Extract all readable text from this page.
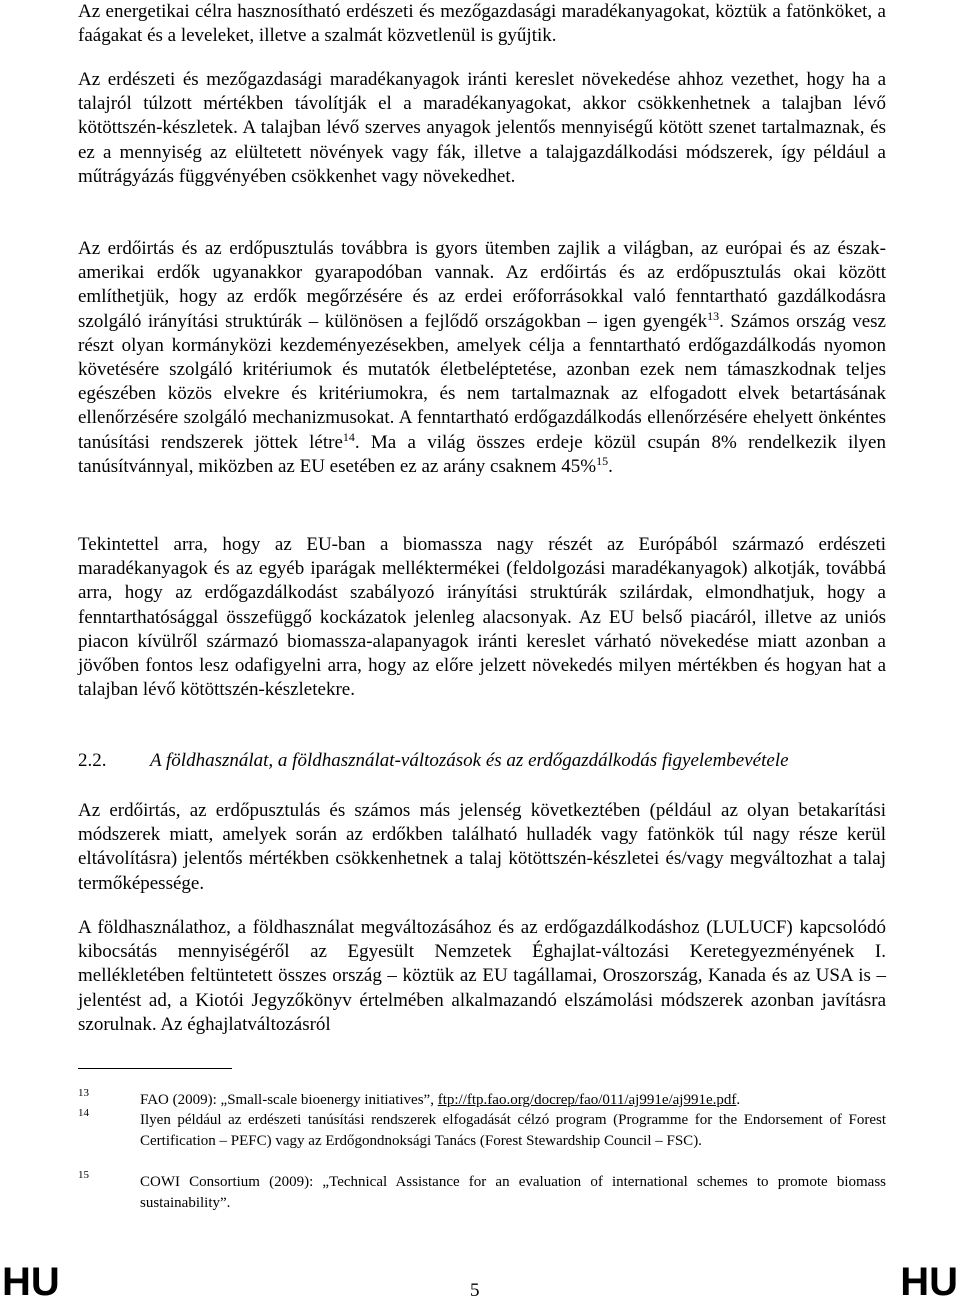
Az energetikai célra hasznosítható erdészeti és mezőgazdasági maradékanyagokat, köztük a fatönköket, a faágakat és a leveleket, illetve a szalmát közvetlenül is gyűjtik.

Az erdészeti és mezőgazdasági maradékanyagok iránti kereslet növekedése ahhoz vezethet, hogy ha a talajról túlzott mértékben távolítják el a maradékanyagokat, akkor csökkenhetnek a talajban lévő kötöttszén-készletek. A talajban lévő szerves anyagok jelentős mennyiségű kötött szenet tartalmaznak, és ez a mennyiség az elültetett növények vagy fák, illetve a talajgazdálkodási módszerek, így például a műtrágyázás függvényében csökkenhet vagy növekedhet.

Az erdőirtás és az erdőpusztulás továbbra is gyors ütemben zajlik a világban, az európai és az észak-amerikai erdők ugyanakkor gyarapodóban vannak. Az erdőirtás és az erdőpusztulás okai között említhetjük, hogy az erdők megőrzésére és az erdei erőforrásokkal való fenntartható gazdálkodásra szolgáló irányítási struktúrák – különösen a fejlődő országokban – igen gyengék$^{13}$. Számos ország vesz részt olyan kormányközi kezdeményezésekben, amelyek célja a fenntartható erdőgazdálkodás nyomon követésére szolgáló kritériumok és mutatók életbeléptetése, azonban ezek nem támaszkodnak teljes egészében közös elvekre és kritériumokra, és nem tartalmaznak az elfogadott elvek betartásának ellenőrzésére szolgáló mechanizmusokat. A fenntartható erdőgazdálkodás ellenőrzésére ehelyett önkéntes tanúsítási rendszerek jöttek létre$^{14}$. Ma a világ összes erdeje közül csupán 8% rendelkezik ilyen tanúsítvánnyal, miközben az EU esetében ez az arány csaknem 45%$^{15}$.

Tekintettel arra, hogy az EU-ban a biomassza nagy részét az Európából származó erdészeti maradékanyagok és az egyéb iparágak melléktermékei (feldolgozási maradékanyagok) alkotják, továbbá arra, hogy az erdőgazdálkodást szabályozó irányítási struktúrák szilárdak, elmondhatjuk, hogy a fenntarthatósággal összefüggő kockázatok jelenleg alacsonyak. Az EU belső piacáról, illetve az uniós piacon kívülről származó biomassza-alapanyagok iránti kereslet várható növekedése miatt azonban a jövőben fontos lesz odafigyelni arra, hogy az előre jelzett növekedés milyen mértékben és hogyan hat a talajban lévő kötöttszén-készletekre.

2.2. A földhasználat, a földhasználat-változások és az erdőgazdálkodás figyelembevétele

Az erdőirtás, az erdőpusztulás és számos más jelenség következtében (például az olyan betakarítási módszerek miatt, amelyek során az erdőkben található hulladék vagy fatönkök túl nagy része kerül eltávolításra) jelentős mértékben csökkenhetnek a talaj kötöttszén-készletei és/vagy megváltozhat a talaj termőképessége.

A földhasználathoz, a földhasználat megváltozásához és az erdőgazdálkodáshoz (LULUCF) kapcsolódó kibocsátás mennyiségéről az Egyesült Nemzetek Éghajlat-változási Keretegyezményének I. mellékletében feltüntetett összes ország – köztük az EU tagállamai, Oroszország, Kanada és az USA is – jelentést ad, a Kiotói Jegyzőkönyv értelmében alkalmazandó elszámolási módszerek azonban javításra szorulnak. Az éghajlatváltozásról

13	FAO (2009): „Small-scale bioenergy initiatives”, ftp://ftp.fao.org/docrep/fao/011/aj991e/aj991e.pdf.
14	Ilyen például az erdészeti tanúsítási rendszerek elfogadását célzó program (Programme for the Endorsement of Forest Certification – PEFC) vagy az Erdőgondnoksági Tanács (Forest Stewardship Council – FSC).
15	COWI Consortium (2009): „Technical Assistance for an evaluation of international schemes to promote biomass sustainability”.
HU	5	HU
